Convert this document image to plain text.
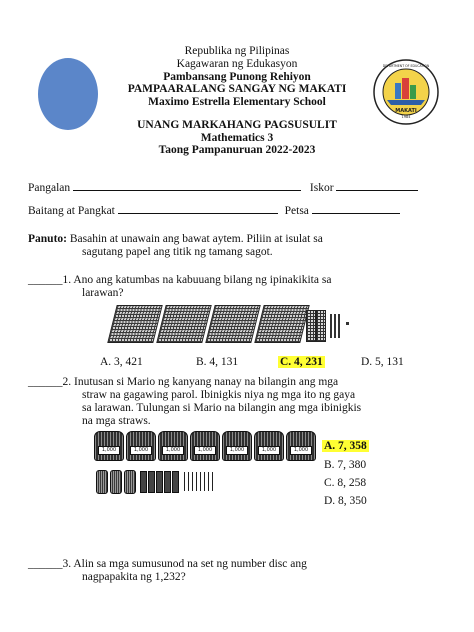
MAKATI
1984
DEPARTMENT OF EDUCATION
Republika ng Pilipinas
Kagawaran ng Edukasyon
Pambansang Punong Rehiyon
PAMPAARALANG SANGAY NG MAKATI
Maximo Estrella Elementary School
UNANG MARKAHANG PAGSUSULIT
Mathematics 3
Taong Pampanuruan 2022-2023
Pangalan	Iskor
Baitang at Pangkat	Petsa
Panuto: Basahin at unawain ang bawat aytem. Piliin at isulat sa
sagutang papel ang titik ng tamang sagot.
______1. Ano ang katumbas na kabuuang bilang ng ipinakikita sa
larawan?
A. 3, 421	B. 4, 131	C. 4, 231	D. 5, 131
______2. Inutusan si Mario ng kanyang nanay na bilangin ang mga
straw na gagawing parol. Ibinigkis niya ng mga ito ng gaya
sa larawan. Tulungan si Mario na bilangin ang mga ibinigkis
na mga straws.
1,000	1,000	1,000	1,000	1,000	1,000	1,000	A. 7, 358
B. 7, 380
C. 8, 258
D. 8, 350
______3. Alin sa mga sumusunod na set ng number disc ang
nagpapakita ng 1,232?
